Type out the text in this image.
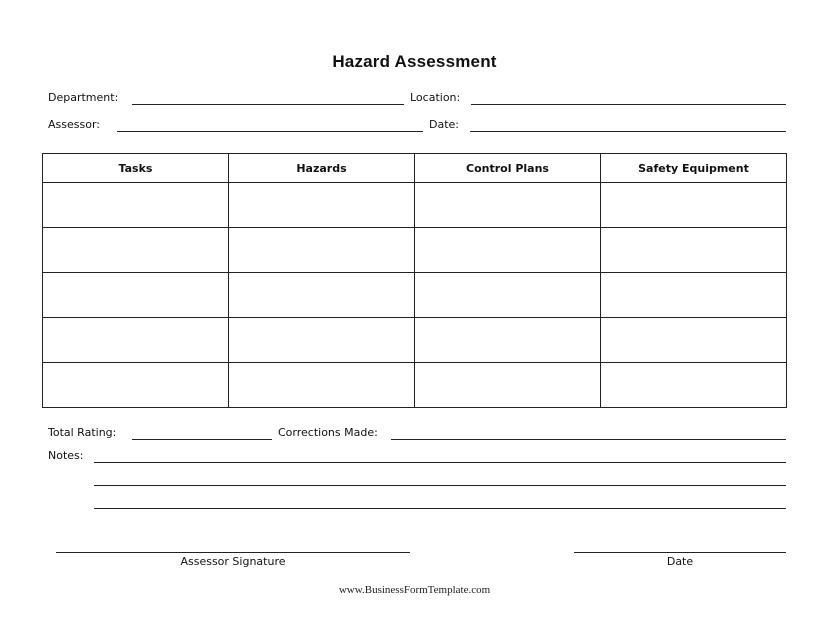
Hazard Assessment
Department:	Location:
Assessor:	Date:
Tasks	Hazards	Control Plans	Safety Equipment

Total Rating:	Corrections Made:
Notes:
Assessor Signature	Date
www.BusinessFormTemplate.com
